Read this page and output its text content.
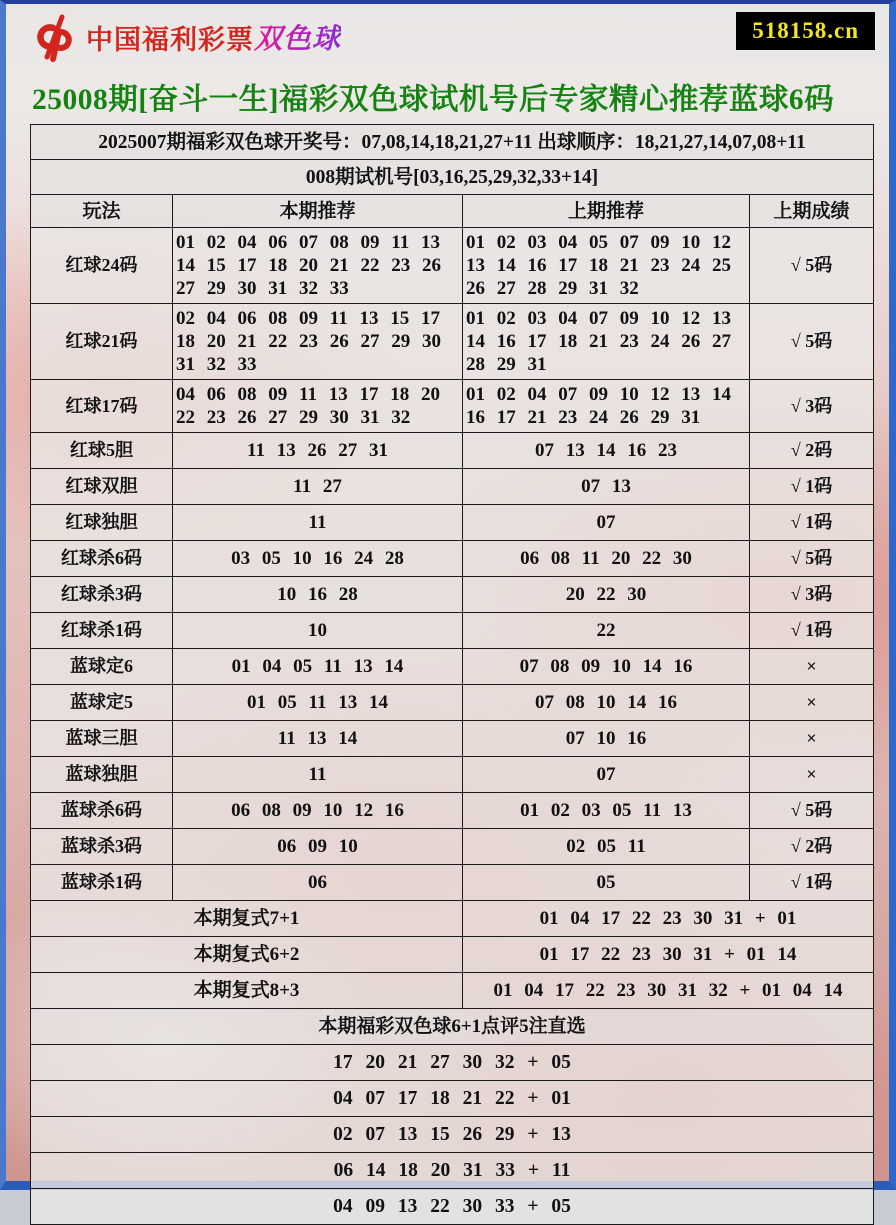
中国福利彩票 双色球	518158.cn
25008期[奋斗一生]福彩双色球试机号后专家精心推荐蓝球6码
2025007期福彩双色球开奖号：07,08,14,18,21,27+11 出球顺序：18,21,27,14,07,08+11			
008期试机号[03,16,25,29,32,33+14]			
玩法	本期推荐	上期推荐	上期成绩
红球24码	01 02 04 06 07 08 09 11 13 14 15 17 18 20 21 22 23 26 27 29 30 31 32 33	01 02 03 04 05 07 09 10 12 13 14 16 17 18 21 23 24 25 26 27 28 29 31 32	√ 5码
红球21码	02 04 06 08 09 11 13 15 17 18 20 21 22 23 26 27 29 30 31 32 33	01 02 03 04 07 09 10 12 13 14 16 17 18 21 23 24 26 27 28 29 31	√ 5码
红球17码	04 06 08 09 11 13 17 18 20 22 23 26 27 29 30 31 32	01 02 04 07 09 10 12 13 14 16 17 21 23 24 26 29 31	√ 3码
红球5胆	11 13 26 27 31	07 13 14 16 23	√ 2码
红球双胆	11 27	07 13	√ 1码
红球独胆	11	07	√ 1码
红球杀6码	03 05 10 16 24 28	06 08 11 20 22 30	√ 5码
红球杀3码	10 16 28	20 22 30	√ 3码
红球杀1码	10	22	√ 1码
蓝球定6	01 04 05 11 13 14	07 08 09 10 14 16	×
蓝球定5	01 05 11 13 14	07 08 10 14 16	×
蓝球三胆	11 13 14	07 10 16	×
蓝球独胆	11	07	×
蓝球杀6码	06 08 09 10 12 16	01 02 03 05 11 13	√ 5码
蓝球杀3码	06 09 10	02 05 11	√ 2码
蓝球杀1码	06	05	√ 1码
本期复式7+1		01 04 17 22 23 30 31 + 01	
本期复式6+2		01 17 22 23 30 31 + 01 14	
本期复式8+3		01 04 17 22 23 30 31 32 + 01 04 14	
本期福彩双色球6+1点评5注直选			
17 20 21 27 30 32 + 05			
04 07 17 18 21 22 + 01			
02 07 13 15 26 29 + 13			
06 14 18 20 31 33 + 11			
04 09 13 22 30 33 + 05			
